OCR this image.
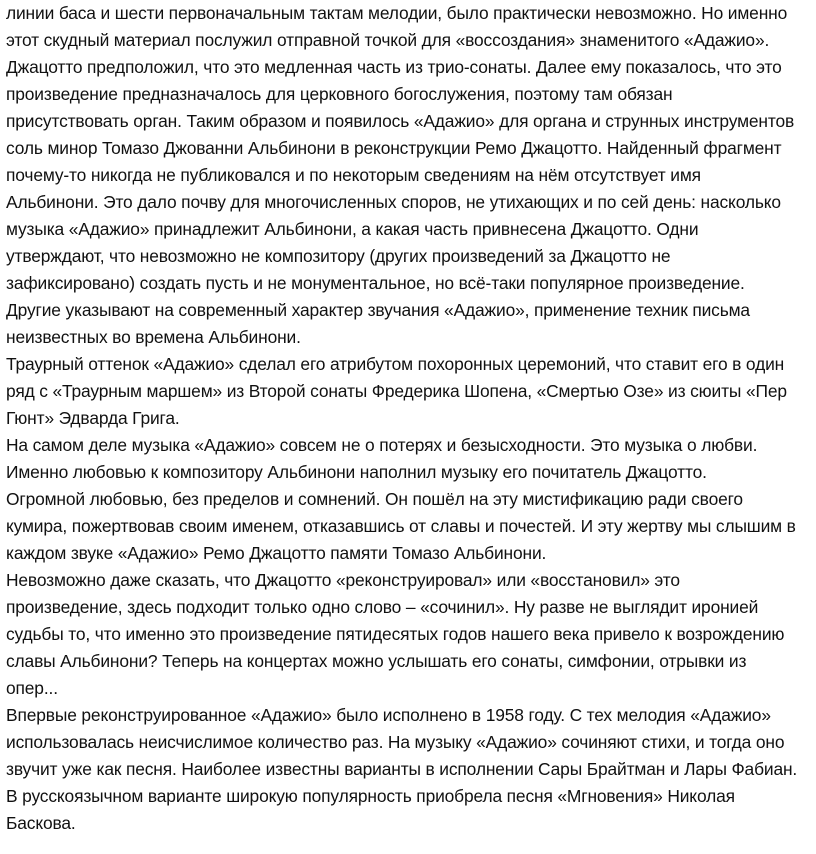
линии баса и шести первоначальным тактам мелодии, было практически невозможно. Но именно
этот скудный материал послужил отправной точкой для «воссоздания» знаменитого «Адажио».
Джацотто предположил, что это медленная часть из трио-сонаты. Далее ему показалось, что это
произведение предназначалось для церковного богослужения, поэтому там обязан
присутствовать орган. Таким образом и появилось «Адажио» для органа и струнных инструментов
соль минор Томазо Джованни Альбинони в реконструкции Ремо Джацотто. Найденный фрагмент
почему-то никогда не публиковался и по некоторым сведениям на нём отсутствует имя
Альбинони. Это дало почву для многочисленных споров, не утихающих и по сей день: насколько
музыка «Адажио» принадлежит Альбинони, а какая часть привнесена Джацотто. Одни
утверждают, что невозможно не композитору (других произведений за Джацотто не
зафиксировано) создать пусть и не монументальное, но всё-таки популярное произведение.
Другие указывают на современный характер звучания «Адажио», применение техник письма
неизвестных во времена Альбинони.
Траурный оттенок «Адажио» сделал его атрибутом похоронных церемоний, что ставит его в один
ряд с «Траурным маршем» из Второй сонаты Фредерика Шопена, «Смертью Озе» из сюиты «Пер
Гюнт» Эдварда Грига.
На самом деле музыка «Адажио» совсем не о потерях и безысходности. Это музыка о любви.
Именно любовью к композитору Альбинони наполнил музыку его почитатель Джацотто.
Огромной любовью, без пределов и сомнений. Он пошёл на эту мистификацию ради своего
кумира, пожертвовав своим именем, отказавшись от славы и почестей. И эту жертву мы слышим в
каждом звуке «Адажио» Ремо Джацотто памяти Томазо Альбинони.
Невозможно даже сказать, что Джацотто «реконструировал» или «восстановил» это
произведение, здесь подходит только одно слово – «сочинил». Ну разве не выглядит иронией
судьбы то, что именно это произведение пятидесятых годов нашего века привело к возрождению
славы Альбинони? Теперь на концертах можно услышать его сонаты, симфонии, отрывки из
опер...
Впервые реконструированное «Адажио» было исполнено в 1958 году. С тех мелодия «Адажио»
использовалась неисчислимое количество раз. На музыку «Адажио» сочиняют стихи, и тогда оно
звучит уже как песня. Наиболее известны варианты в исполнении Сары Брайтман и Лары Фабиан.
В русскоязычном варианте широкую популярность приобрела песня «Мгновения» Николая
Баскова.
